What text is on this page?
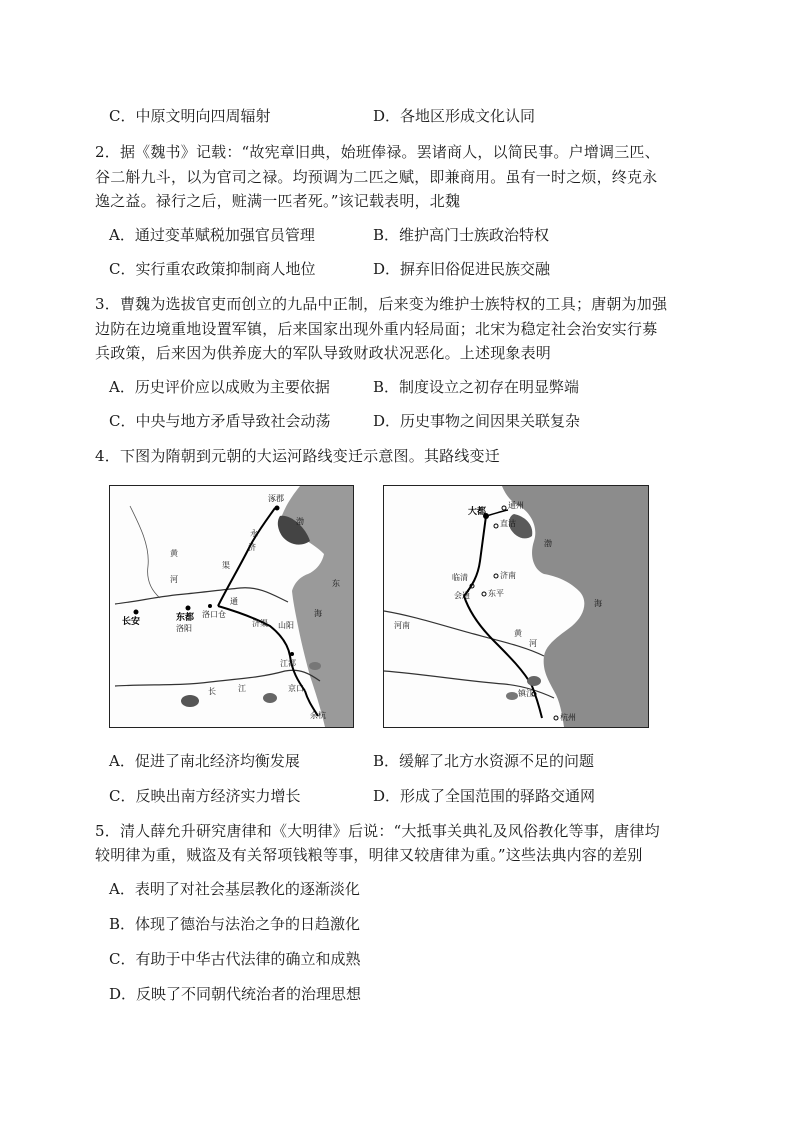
C．中原文明向四周辐射	D．各地区形成文化认同
2．据《魏书》记载：“故宪章旧典，始班俸禄。罢诸商人，以简民事。户增调三匹、
谷二斛九斗，以为官司之禄。均预调为二匹之赋，即兼商用。虽有一时之烦，终克永
逸之益。禄行之后，赃满一匹者死。”该记载表明，北魏
A．通过变革赋税加强官员管理	B．维护高门士族政治特权
C．实行重农政策抑制商人地位	D．摒弃旧俗促进民族交融
3．曹魏为选拔官吏而创立的九品中正制，后来变为维护士族特权的工具；唐朝为加强
边防在边境重地设置军镇，后来国家出现外重内轻局面；北宋为稳定社会治安实行募
兵政策，后来因为供养庞大的军队导致财政状况恶化。上述现象表明
A．历史评价应以成败为主要依据	B．制度设立之初存在明显弊端
C．中央与地方矛盾导致社会动荡	D．历史事物之间因果关联复杂
4．下图为隋朝到元朝的大运河路线变迁示意图。其路线变迁
涿郡
永
济
渠
长安	东都
洛阳
洛口仓
通
济渠
黄
河
山阳
江都
京口
余杭
长	江
渤
海
东
大都
通州
直沽
临清	济南
东平
会通
河南
镇江
杭州
渤
海
黄
河
A．促进了南北经济均衡发展	B．缓解了北方水资源不足的问题
C．反映出南方经济实力增长	D．形成了全国范围的驿路交通网
5．清人薛允升研究唐律和《大明律》后说：“大抵事关典礼及风俗教化等事，唐律均
较明律为重，贼盗及有关帑项钱粮等事，明律又较唐律为重。”这些法典内容的差别
A．表明了对社会基层教化的逐渐淡化
B．体现了德治与法治之争的日趋激化
C．有助于中华古代法律的确立和成熟
D．反映了不同朝代统治者的治理思想
